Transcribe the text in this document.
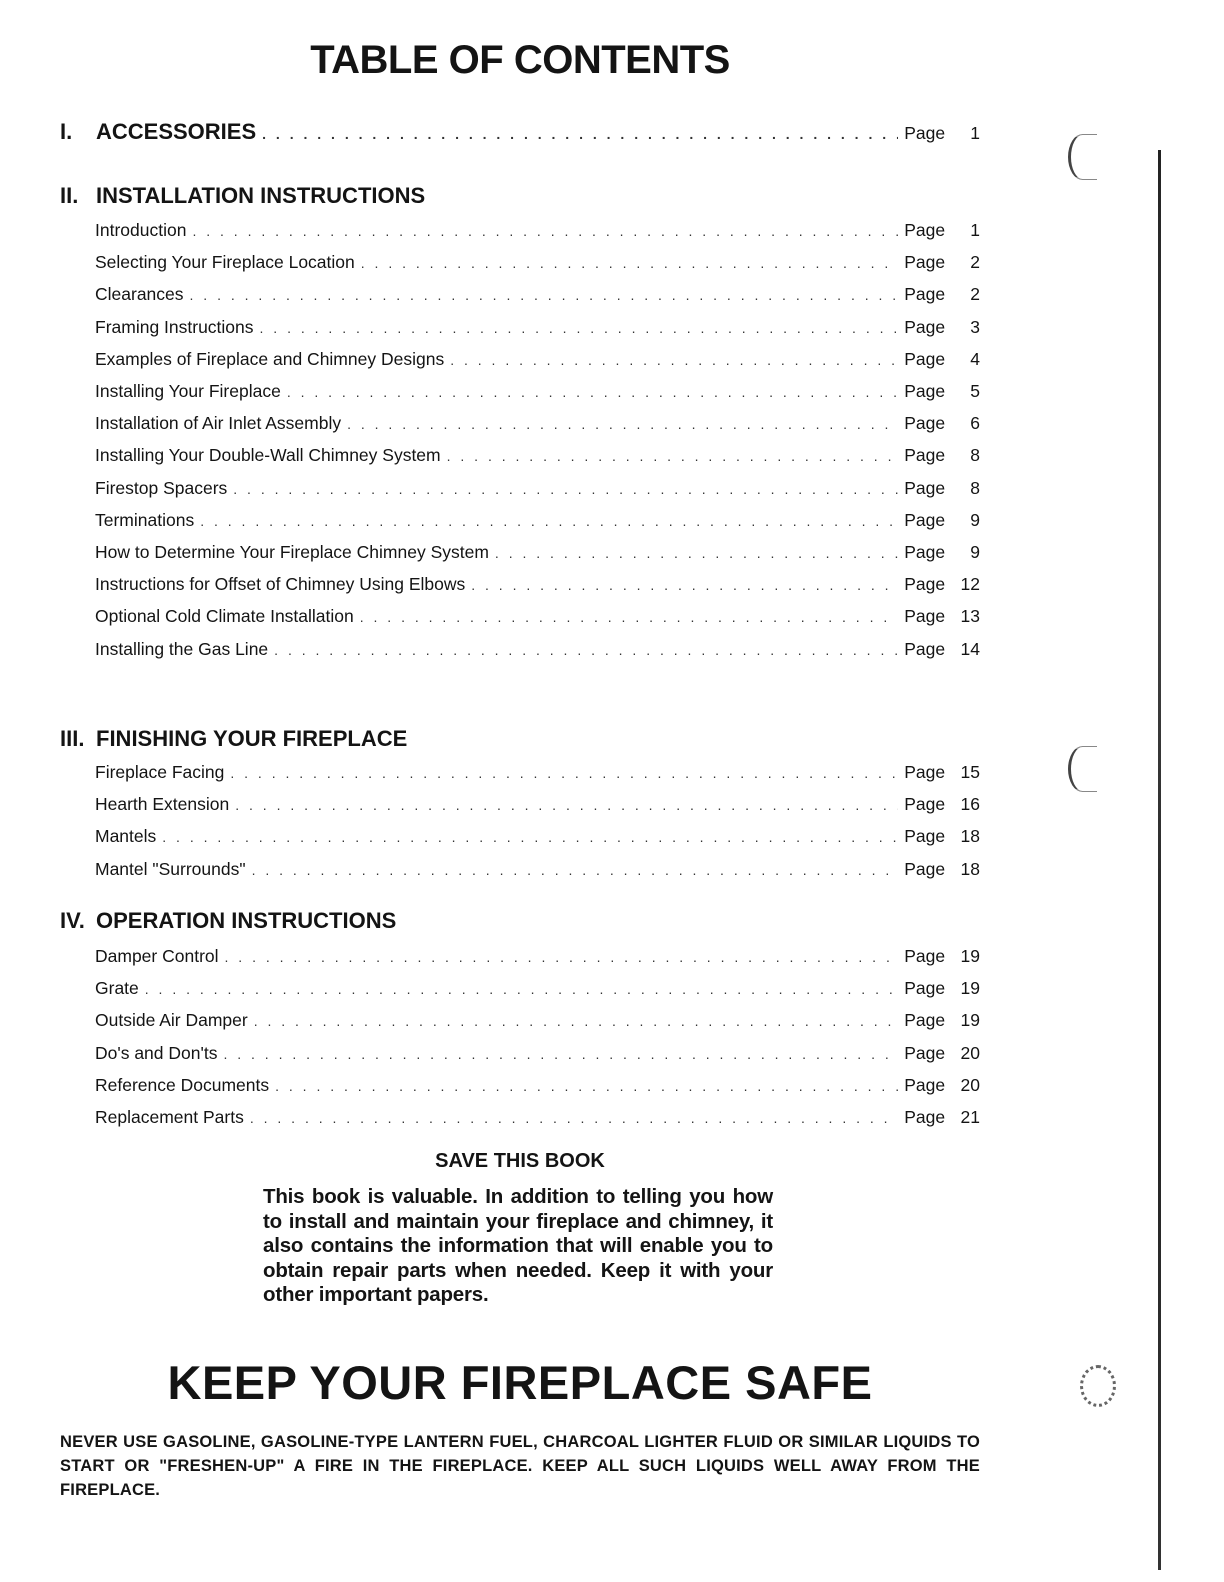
TABLE OF CONTENTS
I. ACCESSORIES . . .	Page 1
II. INSTALLATION INSTRUCTIONS
III. FINISHING YOUR FIREPLACE
IV. OPERATION INSTRUCTIONS
SAVE THIS BOOK
This book is valuable. In addition to telling you how to install and maintain your fireplace and chimney, it also contains the information that will enable you to obtain repair parts when needed. Keep it with your other important papers.
KEEP YOUR FIREPLACE SAFE
NEVER USE GASOLINE, GASOLINE-TYPE LANTERN FUEL, CHARCOAL LIGHTER FLUID OR SIMILAR LIQUIDS TO START OR "FRESHEN-UP" A FIRE IN THE FIREPLACE. KEEP ALL SUCH LIQUIDS WELL AWAY FROM THE FIREPLACE.
Introduction . . .	Page 1
Selecting Your Fireplace Location . . .	Page 2
Clearances . . .	Page 2
Framing Instructions . . .	Page 3
Examples of Fireplace and Chimney Designs . . .	Page 4
Installing Your Fireplace . . .	Page 5
Installation of Air Inlet Assembly . . .	Page 6
Installing Your Double-Wall Chimney System . . .	Page 8
Firestop Spacers . . .	Page 8
Terminations . . .	Page 9
How to Determine Your Fireplace Chimney System . . .	Page 9
Instructions for Offset of Chimney Using Elbows . . .	Page 12
Optional Cold Climate Installation . . .	Page 13
Installing the Gas Line . . .	Page 14
Fireplace Facing . . .	Page 15
Hearth Extension . . .	Page 16
Mantels . . .	Page 18
Mantel "Surrounds" . . .	Page 18
Damper Control . . .	Page 19
Grate . . .	Page 19
Outside Air Damper . . .	Page 19
Do's and Don'ts . . .	Page 20
Reference Documents . . .	Page 20
Replacement Parts . . .	Page 21
